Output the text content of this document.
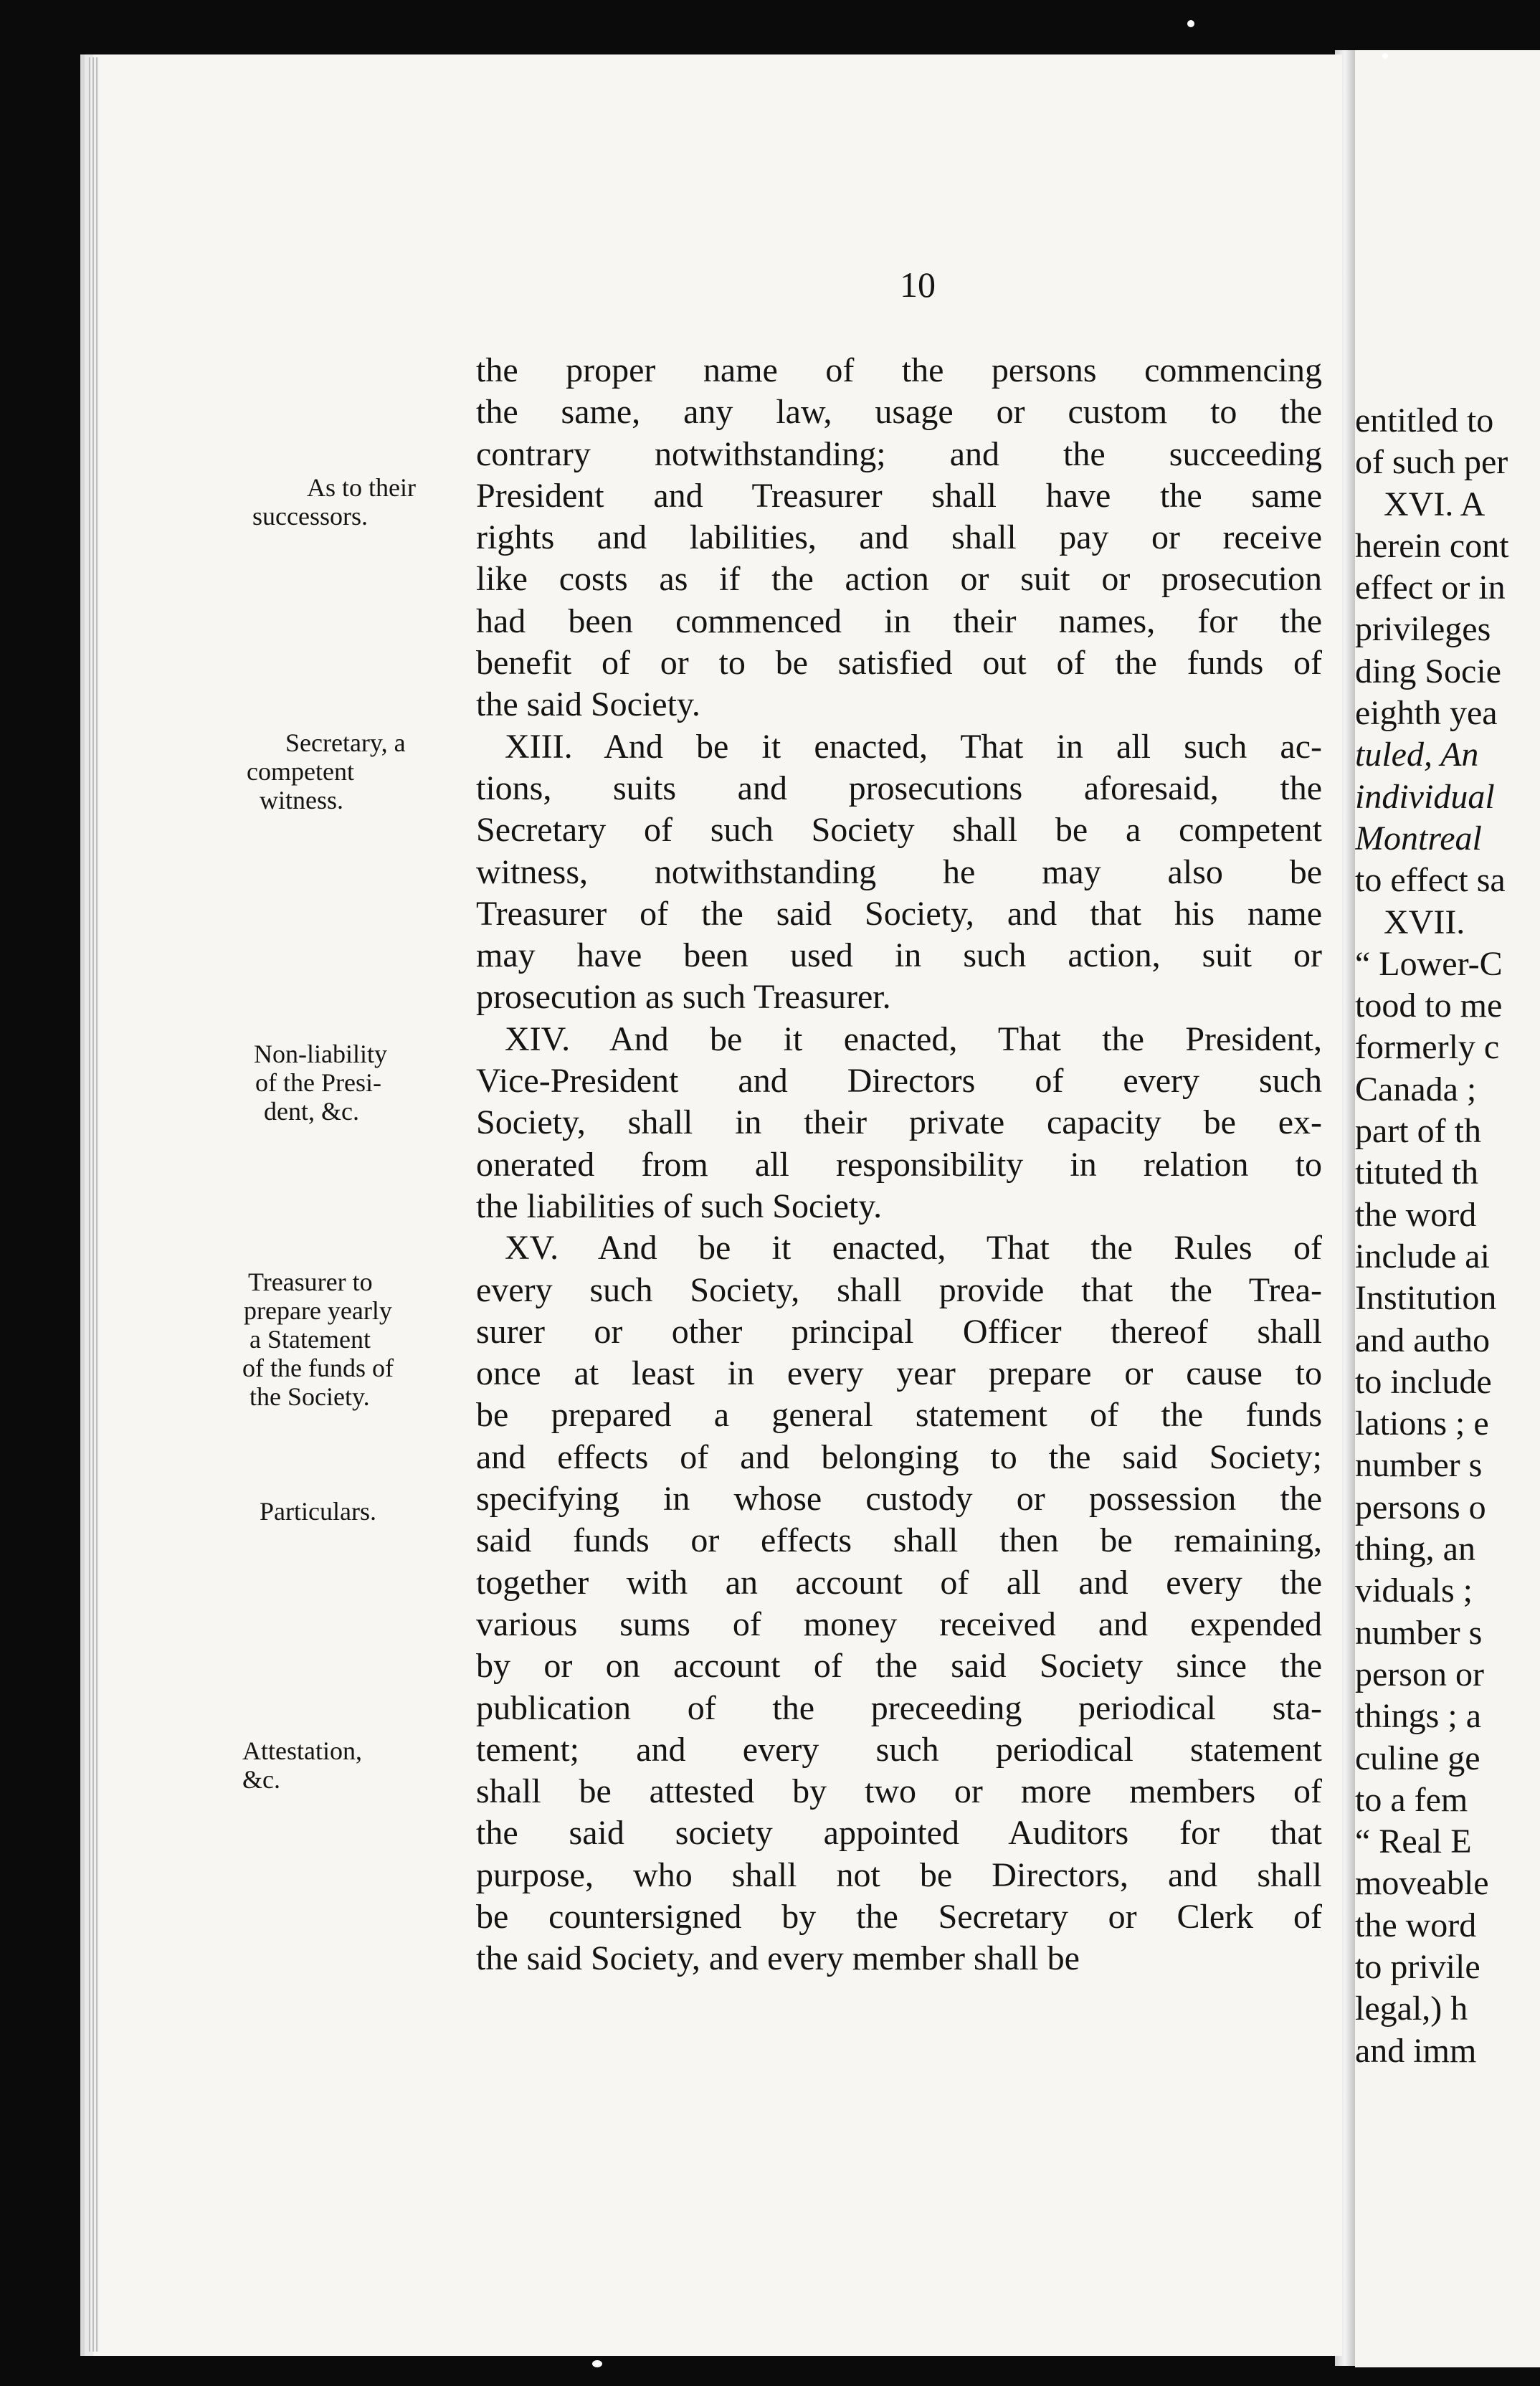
10
the proper name of the persons commencing
the same, any law, usage or custom to the
contrary notwithstanding; and the succeeding
President and Treasurer shall have the same
rights and labilities, and shall pay or receive
like costs as if the action or suit or prosecution
had been commenced in their names, for the
benefit of or to be satisfied out of the funds of
the said Society.
XIII. And be it enacted, That in all such ac-
tions, suits and prosecutions aforesaid, the
Secretary of such Society shall be a competent
witness, notwithstanding he may also be
Treasurer of the said Society, and that his name
may have been used in such action, suit or
prosecution as such Treasurer.
XIV. And be it enacted, That the President,
Vice-President and Directors of every such
Society, shall in their private capacity be ex-
onerated from all responsibility in relation to
the liabilities of such Society.
XV. And be it enacted, That the Rules of
every such Society, shall provide that the Trea-
surer or other principal Officer thereof shall
once at least in every year prepare or cause to
be prepared a general statement of the funds
and effects of and belonging to the said Society;
specifying in whose custody or possession the
said funds or effects shall then be remaining,
together with an account of all and every the
various sums of money received and expended
by or on account of the said Society since the
publication of the preceeding periodical sta-
tement; and every such periodical statement
shall be attested by two or more members of
the said society appointed Auditors for that
purpose, who shall not be Directors, and shall
be countersigned by the Secretary or Clerk of
the said Society, and every member shall be
As to their
successors.
Secretary, a
competent
witness.
Non-liability
of the Presi-
dent, &c.
Treasurer to
prepare yearly
a Statement
of the funds of
the Society.
Particulars.
Attestation,
&c.
entitled to
of such per
XVI. A
herein cont
effect or in
privileges
ding Socie
eighth yea
tuled, An
individual
Montreal
to effect sa
XVII.
“ Lower-C
tood to me
formerly c
Canada ;
part of th
tituted th
the word
include ai
Institution
and autho
to include
lations ; e
number s
persons o
thing, an
viduals ;
number s
person or
things ; a
culine ge
to a fem
“ Real E
moveable
the word
to privile
legal,) h
and imm
